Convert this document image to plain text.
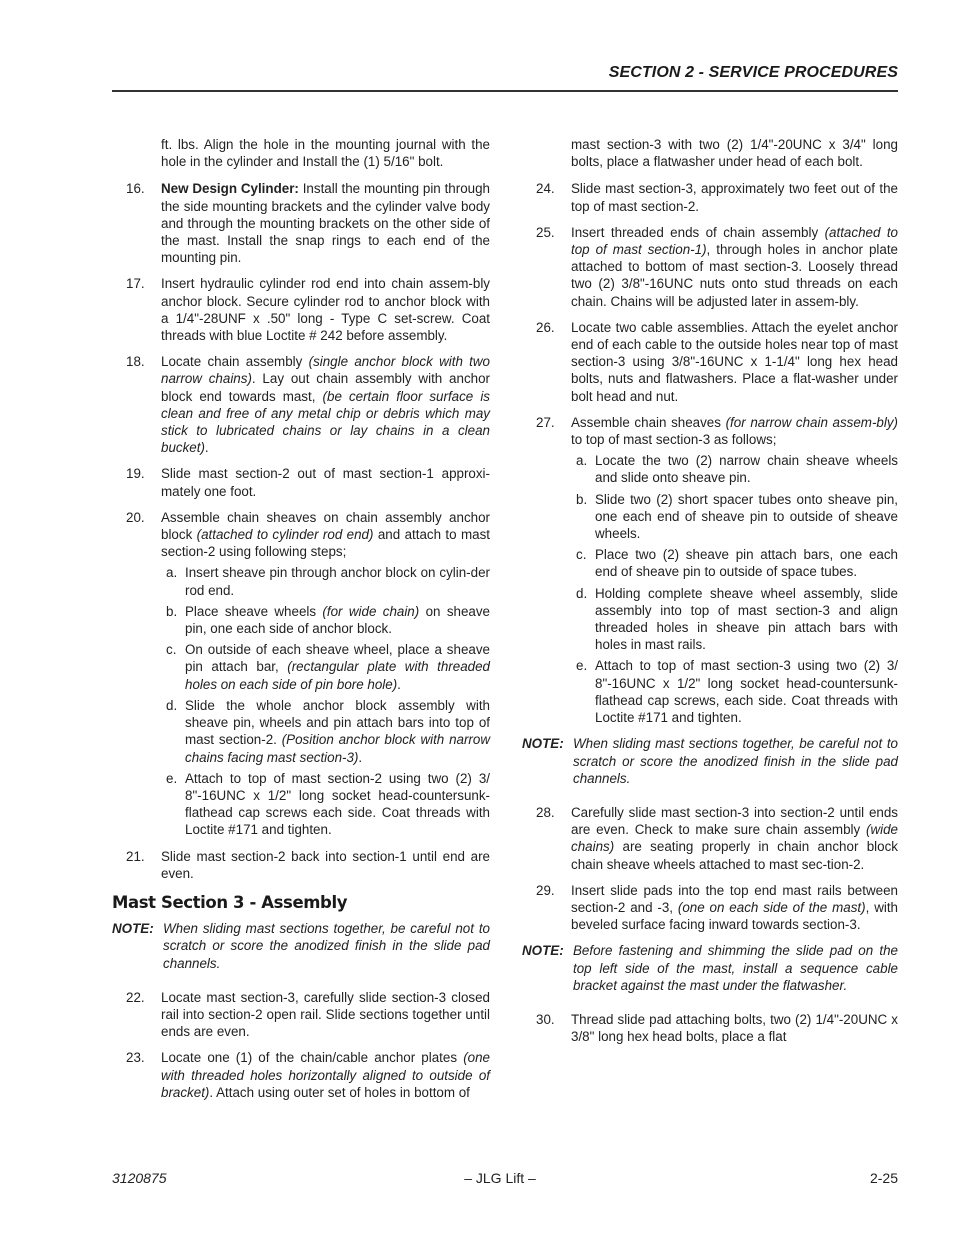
SECTION 2 - SERVICE PROCEDURES
ft. lbs. Align the hole in the mounting journal with the hole in the cylinder and Install the (1) 5/16" bolt.
16.	New Design Cylinder: Install the mounting pin through the side mounting brackets and the cylinder valve body and through the mounting brackets on the other side of the mast. Install the snap rings to each end of the mounting pin.
17.	Insert hydraulic cylinder rod end into chain assem-bly anchor block. Secure cylinder rod to anchor block with a 1/4"-28UNF x .50" long - Type C set-screw. Coat threads with blue Loctite # 242 before assembly.
18.	Locate chain assembly (single anchor block with two narrow chains). Lay out chain assembly with anchor block end towards mast, (be certain floor surface is clean and free of any metal chip or debris which may stick to lubricated chains or lay chains in a clean bucket).
19.	Slide mast section-2 out of mast section-1 approxi-mately one foot.
20.	Assemble chain sheaves on chain assembly anchor block (attached to cylinder rod end) and attach to mast section-2 using following steps;
a. Insert sheave pin through anchor block on cylin-der rod end.
b. Place sheave wheels (for wide chain) on sheave pin, one each side of anchor block.
c. On outside of each sheave wheel, place a sheave pin attach bar, (rectangular plate with threaded holes on each side of pin bore hole).
d. Slide the whole anchor block assembly with sheave pin, wheels and pin attach bars into top of mast section-2. (Position anchor block with narrow chains facing mast section-3).
e. Attach to top of mast section-2 using two (2) 3/ 8"-16UNC x 1/2" long socket head-countersunk-flathead cap screws each side. Coat threads with Loctite #171 and tighten.
21.	Slide mast section-2 back into section-1 until end are even.
Mast Section 3 - Assembly
NOTE: When sliding mast sections together, be careful not to scratch or score the anodized finish in the slide pad channels.
22.	Locate mast section-3, carefully slide section-3 closed rail into section-2 open rail. Slide sections together until ends are even.
23.	Locate one (1) of the chain/cable anchor plates (one with threaded holes horizontally aligned to outside of bracket). Attach using outer set of holes in bottom of
mast section-3 with two (2) 1/4"-20UNC x 3/4" long bolts, place a flatwasher under head of each bolt.
24.	Slide mast section-3, approximately two feet out of the top of mast section-2.
25.	Insert threaded ends of chain assembly (attached to top of mast section-1), through holes in anchor plate attached to bottom of mast section-3. Loosely thread two (2) 3/8"-16UNC nuts onto stud threads on each chain. Chains will be adjusted later in assem-bly.
26.	Locate two cable assemblies. Attach the eyelet anchor end of each cable to the outside holes near top of mast section-3 using 3/8"-16UNC x 1-1/4" long hex head bolts, nuts and flatwashers. Place a flat-washer under bolt head and nut.
27.	Assemble chain sheaves (for narrow chain assem-bly) to top of mast section-3 as follows;
a. Locate the two (2) narrow chain sheave wheels and slide onto sheave pin.
b. Slide two (2) short spacer tubes onto sheave pin, one each end of sheave pin to outside of sheave wheels.
c. Place two (2) sheave pin attach bars, one each end of sheave pin to outside of space tubes.
d. Holding complete sheave wheel assembly, slide assembly into top of mast section-3 and align threaded holes in sheave pin attach bars with holes in mast rails.
e. Attach to top of mast section-3 using two (2) 3/ 8"-16UNC x 1/2" long socket head-countersunk-flathead cap screws, each side. Coat threads with Loctite #171 and tighten.
NOTE: When sliding mast sections together, be careful not to scratch or score the anodized finish in the slide pad channels.
28.	Carefully slide mast section-3 into section-2 until ends are even. Check to make sure chain assembly (wide chains) are seating properly in chain anchor block chain sheave wheels attached to mast sec-tion-2.
29.	Insert slide pads into the top end mast rails between section-2 and -3, (one on each side of the mast), with beveled surface facing inward towards section-3.
NOTE: Before fastening and shimming the slide pad on the top left side of the mast, install a sequence cable bracket against the mast under the flatwasher.
30.	Thread slide pad attaching bolts, two (2) 1/4"-20UNC x 3/8" long hex head bolts, place a flat
3120875	– JLG Lift –	2-25
